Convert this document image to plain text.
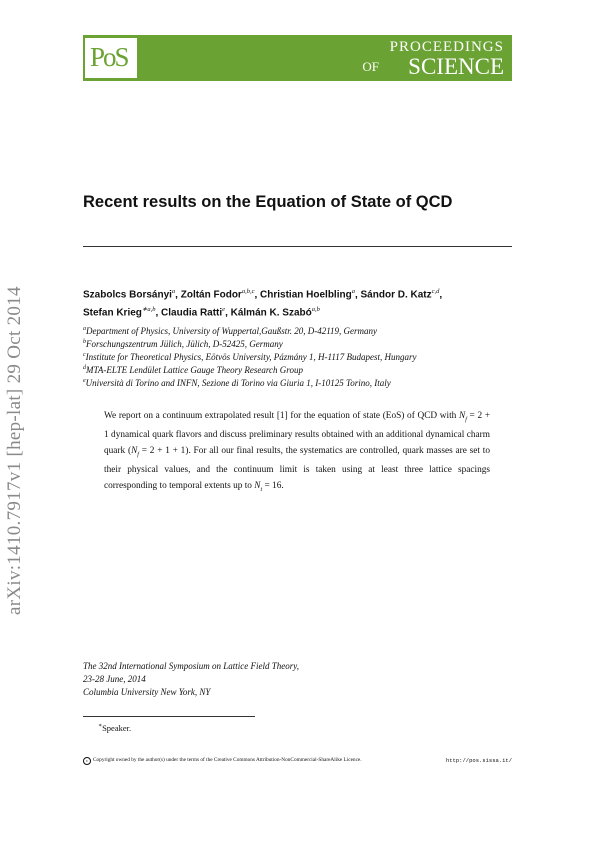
PoS	PROCEEDINGS
OF SCIENCE
arXiv:1410.7917v1 [hep-lat] 29 Oct 2014
Recent results on the Equation of State of QCD
Szabolcs Borsányi$^a$, Zoltán Fodor$^{a,b,c}$, Christian Hoelbling$^a$, Sándor D. Katz$^{c,d}$,
Stefan Krieg$^{∗a,b}$, Claudia Ratti$^e$, Kálmán K. Szabó$^{a,b}$
$^a$Department of Physics, University of Wuppertal,Gaußstr. 20, D-42119, Germany
$^b$Forschungszentrum Jülich, Jülich, D-52425, Germany
$^c$Institute for Theoretical Physics, Eötvös University, Pázmány 1, H-1117 Budapest, Hungary
$^d$MTA-ELTE Lendület Lattice Gauge Theory Research Group
$^e$Università di Torino and INFN, Sezione di Torino via Giuria 1, I-10125 Torino, Italy
We report on a continuum extrapolated result [1] for the equation of state (EoS) of QCD with $N_f = 2 + 1$ dynamical quark flavors and discuss preliminary results obtained with an additional dynamical charm quark $(N_f = 2 + 1 + 1)$. For all our final results, the systematics are controlled, quark masses are set to their physical values, and the continuum limit is taken using at least three lattice spacings corresponding to temporal extents up to $N_t = 16$.
The 32nd International Symposium on Lattice Field Theory,
23-28 June, 2014
Columbia University New York, NY
∗Speaker.
c Copyright owned by the author(s) under the terms of the Creative Commons Attribution-NonCommercial-ShareAlike Licence.	http://pos.sissa.it/
